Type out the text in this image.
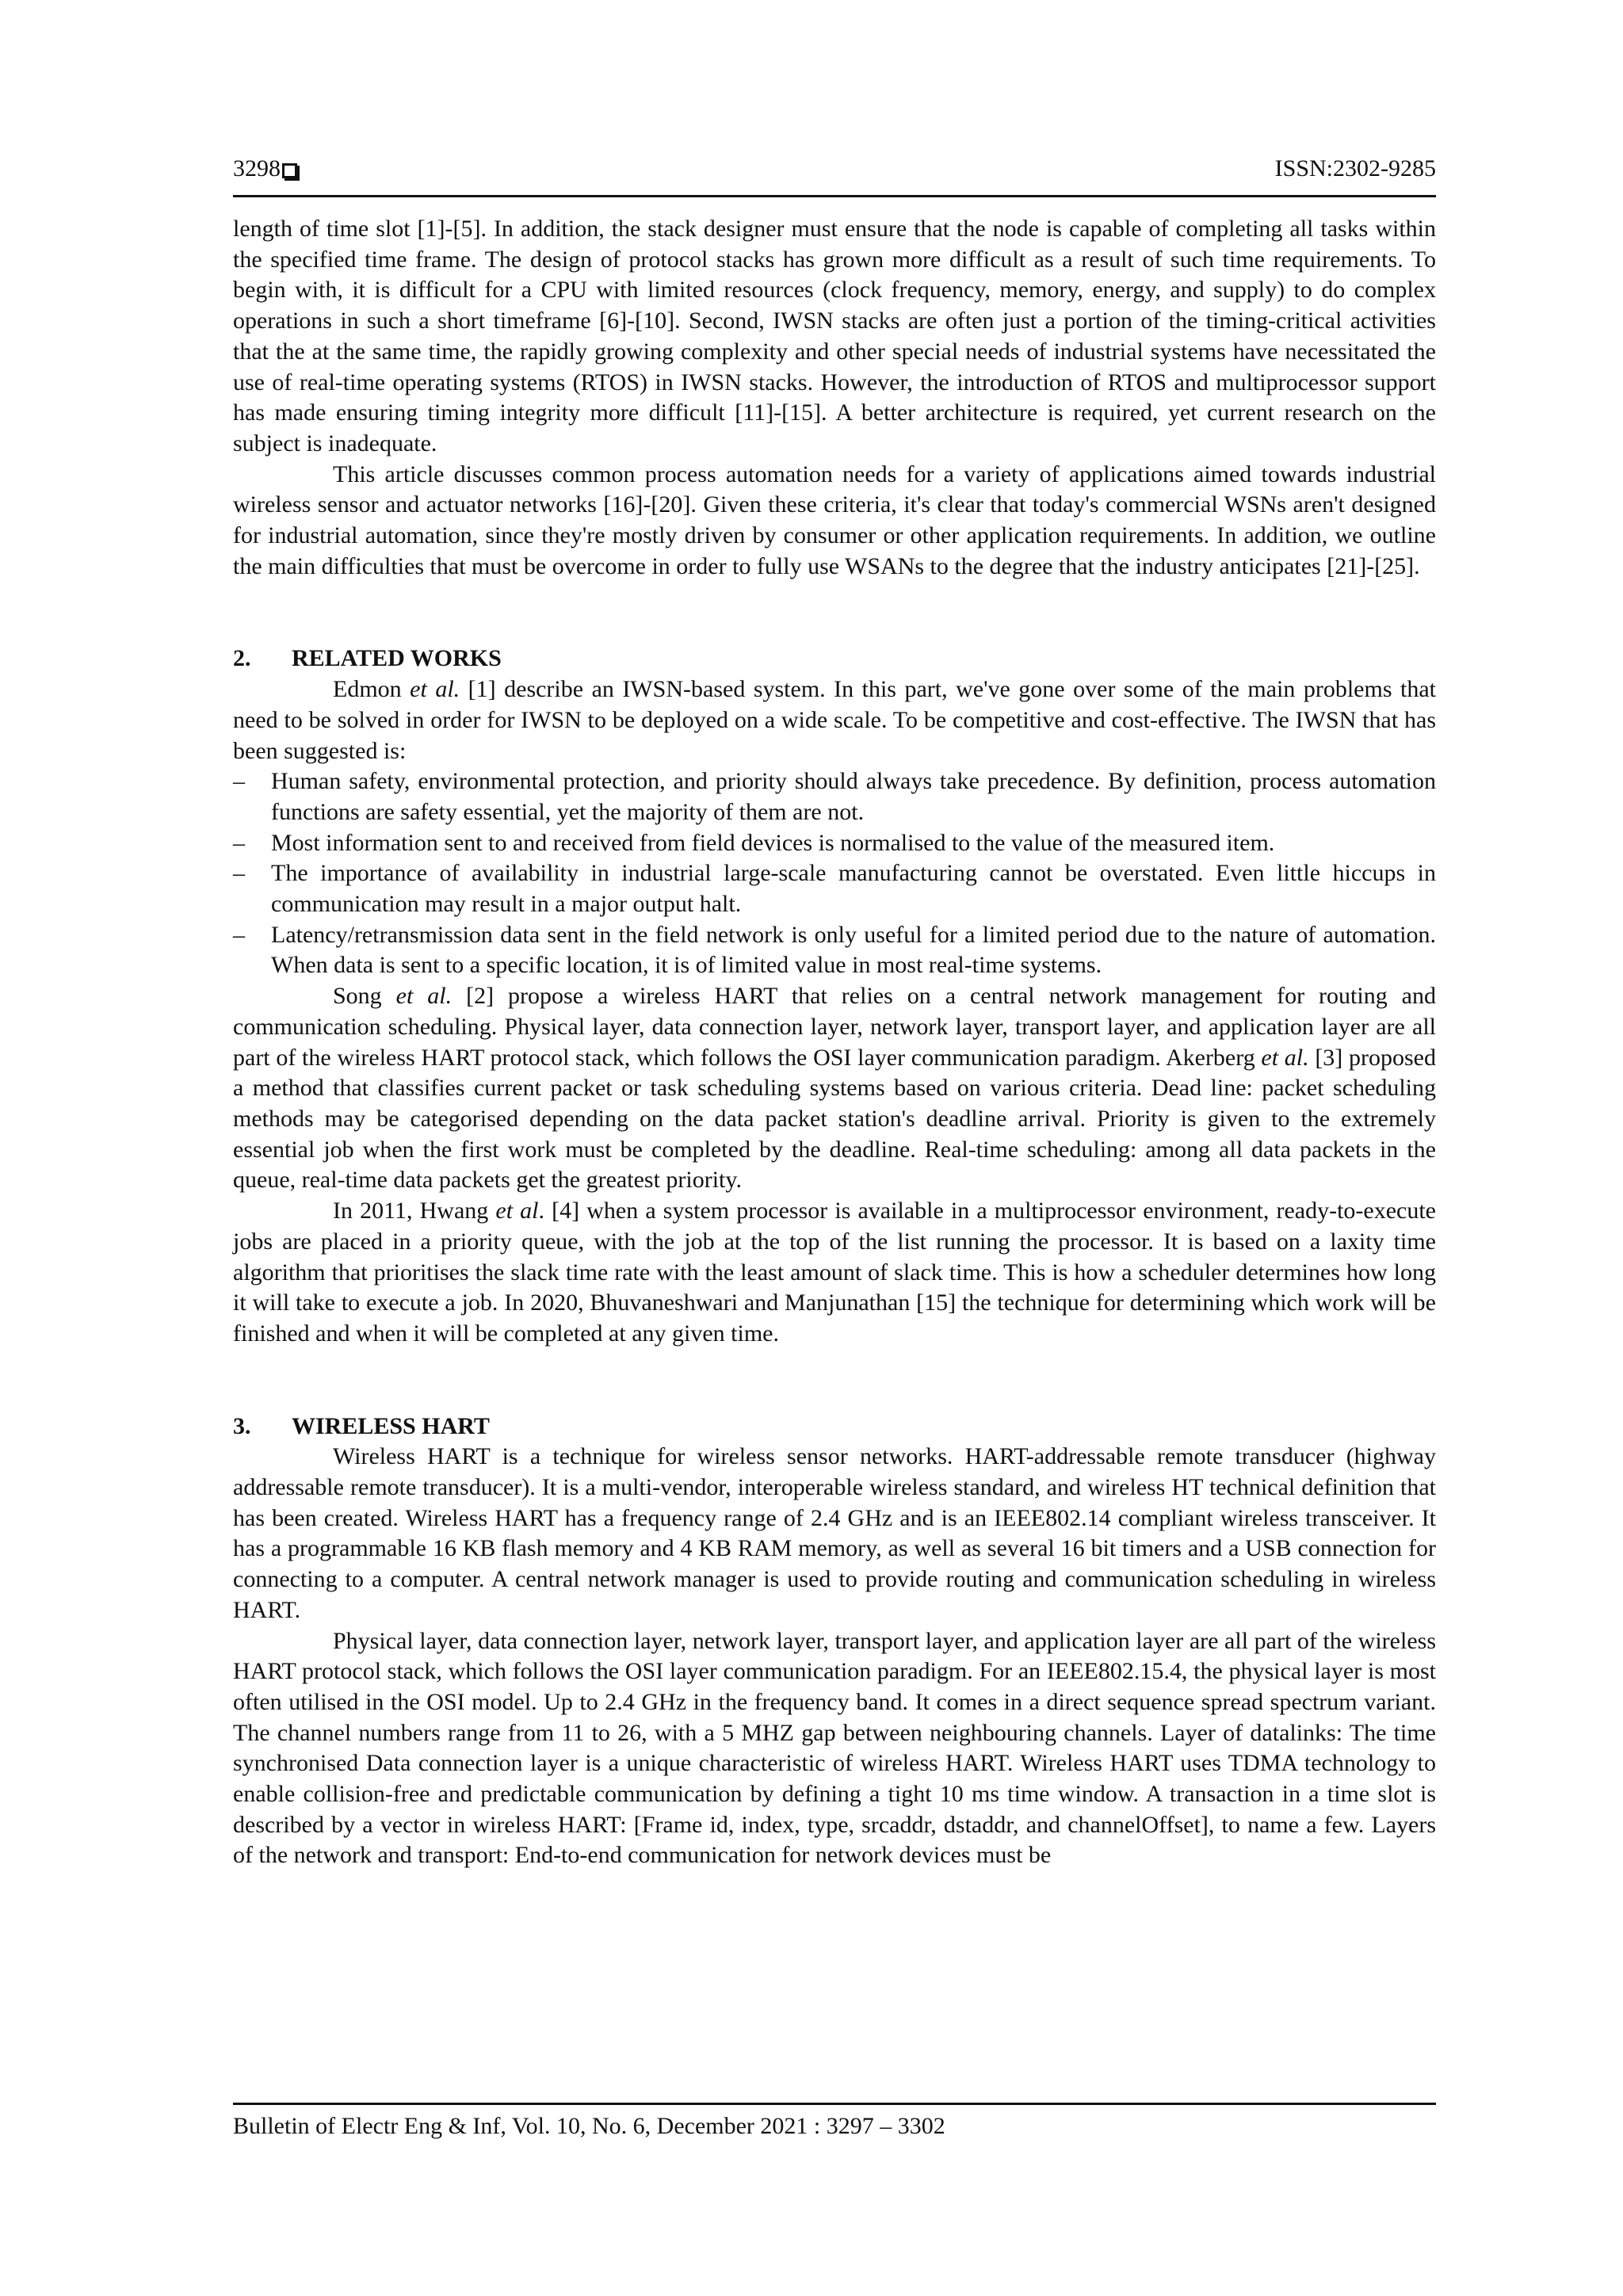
3298	ISSN:2302-9285

length of time slot [1]-[5]. In addition, the stack designer must ensure that the node is capable of completing all tasks within the specified time frame. The design of protocol stacks has grown more difficult as a result of such time requirements. To begin with, it is difficult for a CPU with limited resources (clock frequency, memory, energy, and supply) to do complex operations in such a short timeframe [6]-[10]. Second, IWSN stacks are often just a portion of the timing-critical activities that the at the same time, the rapidly growing complexity and other special needs of industrial systems have necessitated the use of real-time operating systems (RTOS) in IWSN stacks. However, the introduction of RTOS and multiprocessor support has made ensuring timing integrity more difficult [11]-[15]. A better architecture is required, yet current research on the subject is inadequate.

This article discusses common process automation needs for a variety of applications aimed towards industrial wireless sensor and actuator networks [16]-[20]. Given these criteria, it's clear that today's commercial WSNs aren't designed for industrial automation, since they're mostly driven by consumer or other application requirements. In addition, we outline the main difficulties that must be overcome in order to fully use WSANs to the degree that the industry anticipates [21]-[25].

2. RELATED WORKS

Edmon et al. [1] describe an IWSN-based system. In this part, we've gone over some of the main problems that need to be solved in order for IWSN to be deployed on a wide scale. To be competitive and cost-effective. The IWSN that has been suggested is:

– Human safety, environmental protection, and priority should always take precedence. By definition, process automation functions are safety essential, yet the majority of them are not.
– Most information sent to and received from field devices is normalised to the value of the measured item.
– The importance of availability in industrial large-scale manufacturing cannot be overstated. Even little hiccups in communication may result in a major output halt.
– Latency/retransmission data sent in the field network is only useful for a limited period due to the nature of automation. When data is sent to a specific location, it is of limited value in most real-time systems.

Song et al. [2] propose a wireless HART that relies on a central network management for routing and communication scheduling. Physical layer, data connection layer, network layer, transport layer, and application layer are all part of the wireless HART protocol stack, which follows the OSI layer communication paradigm. Akerberg et al. [3] proposed a method that classifies current packet or task scheduling systems based on various criteria. Dead line: packet scheduling methods may be categorised depending on the data packet station's deadline arrival. Priority is given to the extremely essential job when the first work must be completed by the deadline. Real-time scheduling: among all data packets in the queue, real-time data packets get the greatest priority.

In 2011, Hwang et al. [4] when a system processor is available in a multiprocessor environment, ready-to-execute jobs are placed in a priority queue, with the job at the top of the list running the processor. It is based on a laxity time algorithm that prioritises the slack time rate with the least amount of slack time. This is how a scheduler determines how long it will take to execute a job. In 2020, Bhuvaneshwari and Manjunathan [15] the technique for determining which work will be finished and when it will be completed at any given time.

3. WIRELESS HART

Wireless HART is a technique for wireless sensor networks. HART-addressable remote transducer (highway addressable remote transducer). It is a multi-vendor, interoperable wireless standard, and wireless HT technical definition that has been created. Wireless HART has a frequency range of 2.4 GHz and is an IEEE802.14 compliant wireless transceiver. It has a programmable 16 KB flash memory and 4 KB RAM memory, as well as several 16 bit timers and a USB connection for connecting to a computer. A central network manager is used to provide routing and communication scheduling in wireless HART.

Physical layer, data connection layer, network layer, transport layer, and application layer are all part of the wireless HART protocol stack, which follows the OSI layer communication paradigm. For an IEEE802.15.4, the physical layer is most often utilised in the OSI model. Up to 2.4 GHz in the frequency band. It comes in a direct sequence spread spectrum variant. The channel numbers range from 11 to 26, with a 5 MHZ gap between neighbouring channels. Layer of datalinks: The time synchronised Data connection layer is a unique characteristic of wireless HART. Wireless HART uses TDMA technology to enable collision-free and predictable communication by defining a tight 10 ms time window. A transaction in a time slot is described by a vector in wireless HART: [Frame id, index, type, srcaddr, dstaddr, and channelOffset], to name a few. Layers of the network and transport: End-to-end communication for network devices must be

Bulletin of Electr Eng & Inf, Vol. 10, No. 6, December 2021 : 3297 – 3302
